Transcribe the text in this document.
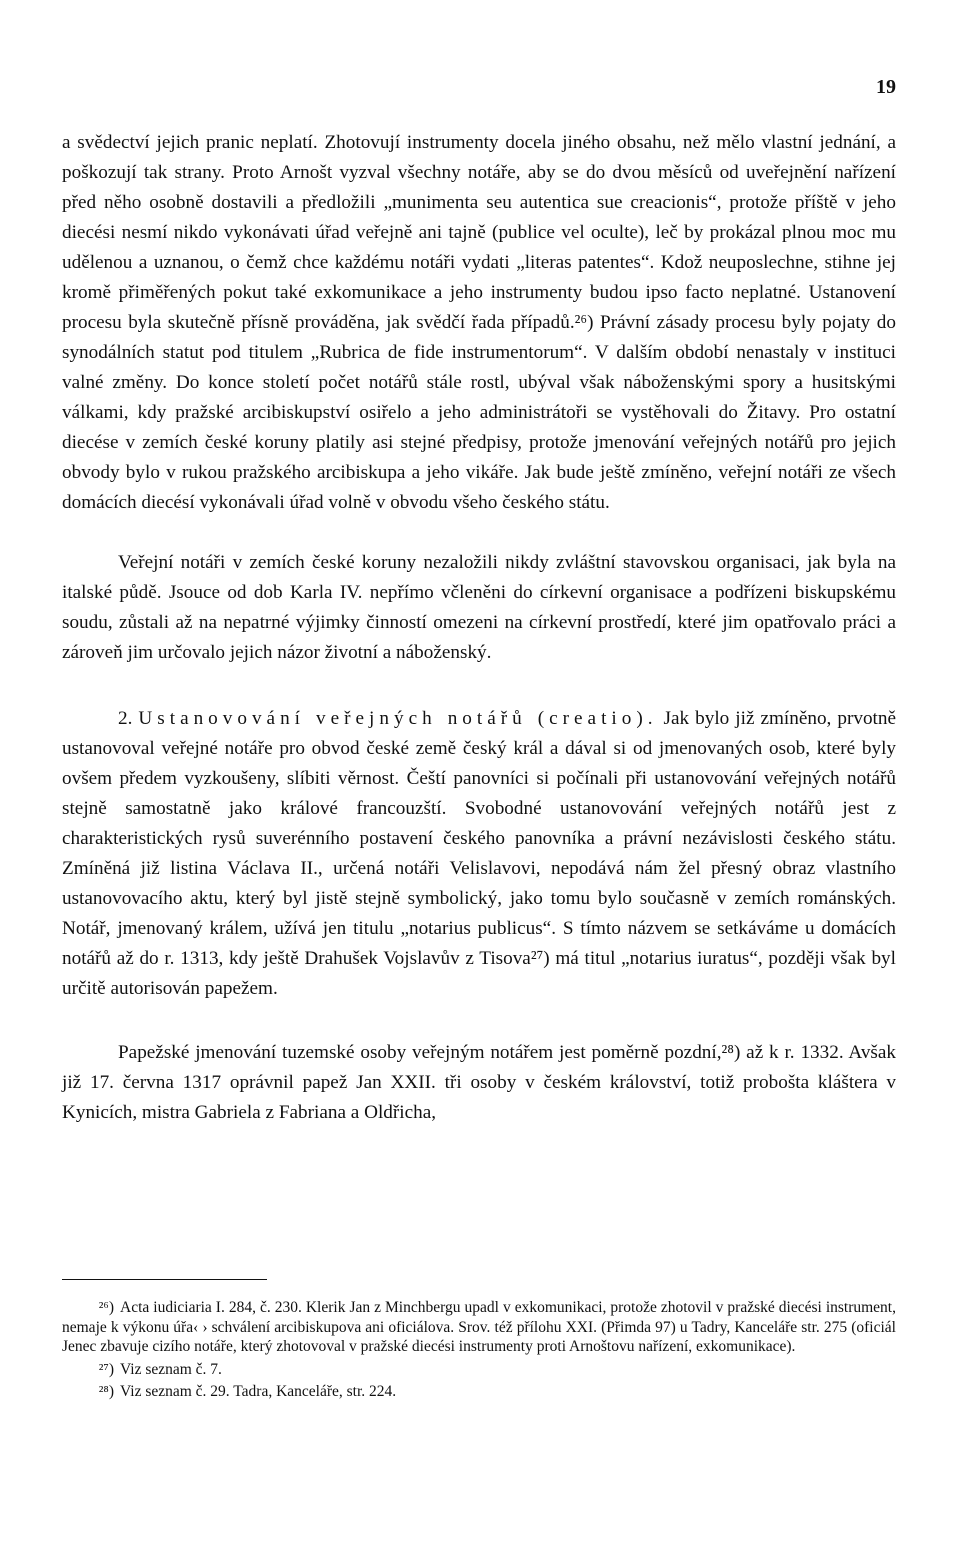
19

a svědectví jejich pranic neplatí. Zhotovují instrumenty docela jiného obsahu, než mělo vlastní jednání, a poškozují tak strany. Proto Arnošt vyzval všechny notáře, aby se do dvou měsíců od uveřejnění nařízení před něho osobně dostavili a předložili „munimenta seu autentica sue creacionis“, protože příště v jeho diecési nesmí nikdo vykonávati úřad veřejně ani tajně (publice vel oculte), leč by prokázal plnou moc mu udělenou a uznanou, o čemž chce každému notáři vydati „literas patentes“. Kdož neuposlechne, stihne jej kromě přiměřených pokut také exkomunikace a jeho instrumenty budou ipso facto neplatné. Ustanovení procesu byla skutečně přísně prováděna, jak svědčí řada případů.²⁶) Právní zásady procesu byly pojaty do synodálních statut pod titulem „Rubrica de fide instrumentorum“. V dalším období nenastaly v instituci valné změny. Do konce století počet notářů stále rostl, ubýval však náboženskými spory a husitskými válkami, kdy pražské arcibiskupství osiřelo a jeho administrátoři se vystěhovali do Žitavy. Pro ostatní diecése v zemích české koruny platily asi stejné předpisy, protože jmenování veřejných notářů pro jejich obvody bylo v rukou pražského arcibiskupa a jeho vikáře. Jak bude ještě zmíněno, veřejní notáři ze všech domácích diecésí vykonávali úřad volně v obvodu všeho českého státu.

Veřejní notáři v zemích české koruny nezaložili nikdy zvláštní stavovskou organisaci, jak byla na italské půdě. Jsouce od dob Karla IV. nepřímo včleněni do církevní organisace a podřízeni biskupskému soudu, zůstali až na nepatrné výjimky činností omezeni na církevní prostředí, které jim opatřovalo práci a zároveň jim určovalo jejich názor životní a náboženský.

2. Ustanovování veřejných notářů (creatio). Jak bylo již zmíněno, prvotně ustanovoval veřejné notáře pro obvod české země český král a dával si od jmenovaných osob, které byly ovšem předem vyzkoušeny, slíbiti věrnost. Čeští panovníci si počínali při ustanovování veřejných notářů stejně samostatně jako králové francouzští. Svobodné ustanovování veřejných notářů jest z charakteristických rysů suverénního postavení českého panovníka a právní nezávislosti českého státu. Zmíněná již listina Václava II., určená notáři Velislavovi, nepodává nám žel přesný obraz vlastního ustanovovacího aktu, který byl jistě stejně symbolický, jako tomu bylo současně v zemích románských. Notář, jmenovaný králem, užívá jen titulu „notarius publicus“. S tímto názvem se setkáváme u domácích notářů až do r. 1313, kdy ještě Drahušek Vojslavův z Tisova²⁷) má titul „notarius iuratus“, později však byl určitě autorisován papežem.

Papežské jmenování tuzemské osoby veřejným notářem jest poměrně pozdní,²⁸) až k r. 1332. Avšak již 17. června 1317 oprávnil papež Jan XXII. tři osoby v českém království, totiž probošta kláštera v Kynicích, mistra Gabriela z Fabriana a Oldřicha,

²⁶) Acta iudiciaria I. 284, č. 230. Klerik Jan z Minchbergu upadl v exkomunikaci, protože zhotovil v pražské diecési instrument, nemaje k výkonu úřa‹ › schválení arcibiskupova ani oficiálova. Srov. též přílohu XXI. (Přimda 97) u Tadry, Kanceláře str. 275 (oficiál Jenec zbavuje cizího notáře, který zhotovoval v pražské diecési instrumenty proti Arnoštovu nařízení, exkomunikace).

²⁷) Viz seznam č. 7.

²⁸) Viz seznam č. 29. Tadra, Kanceláře, str. 224.
